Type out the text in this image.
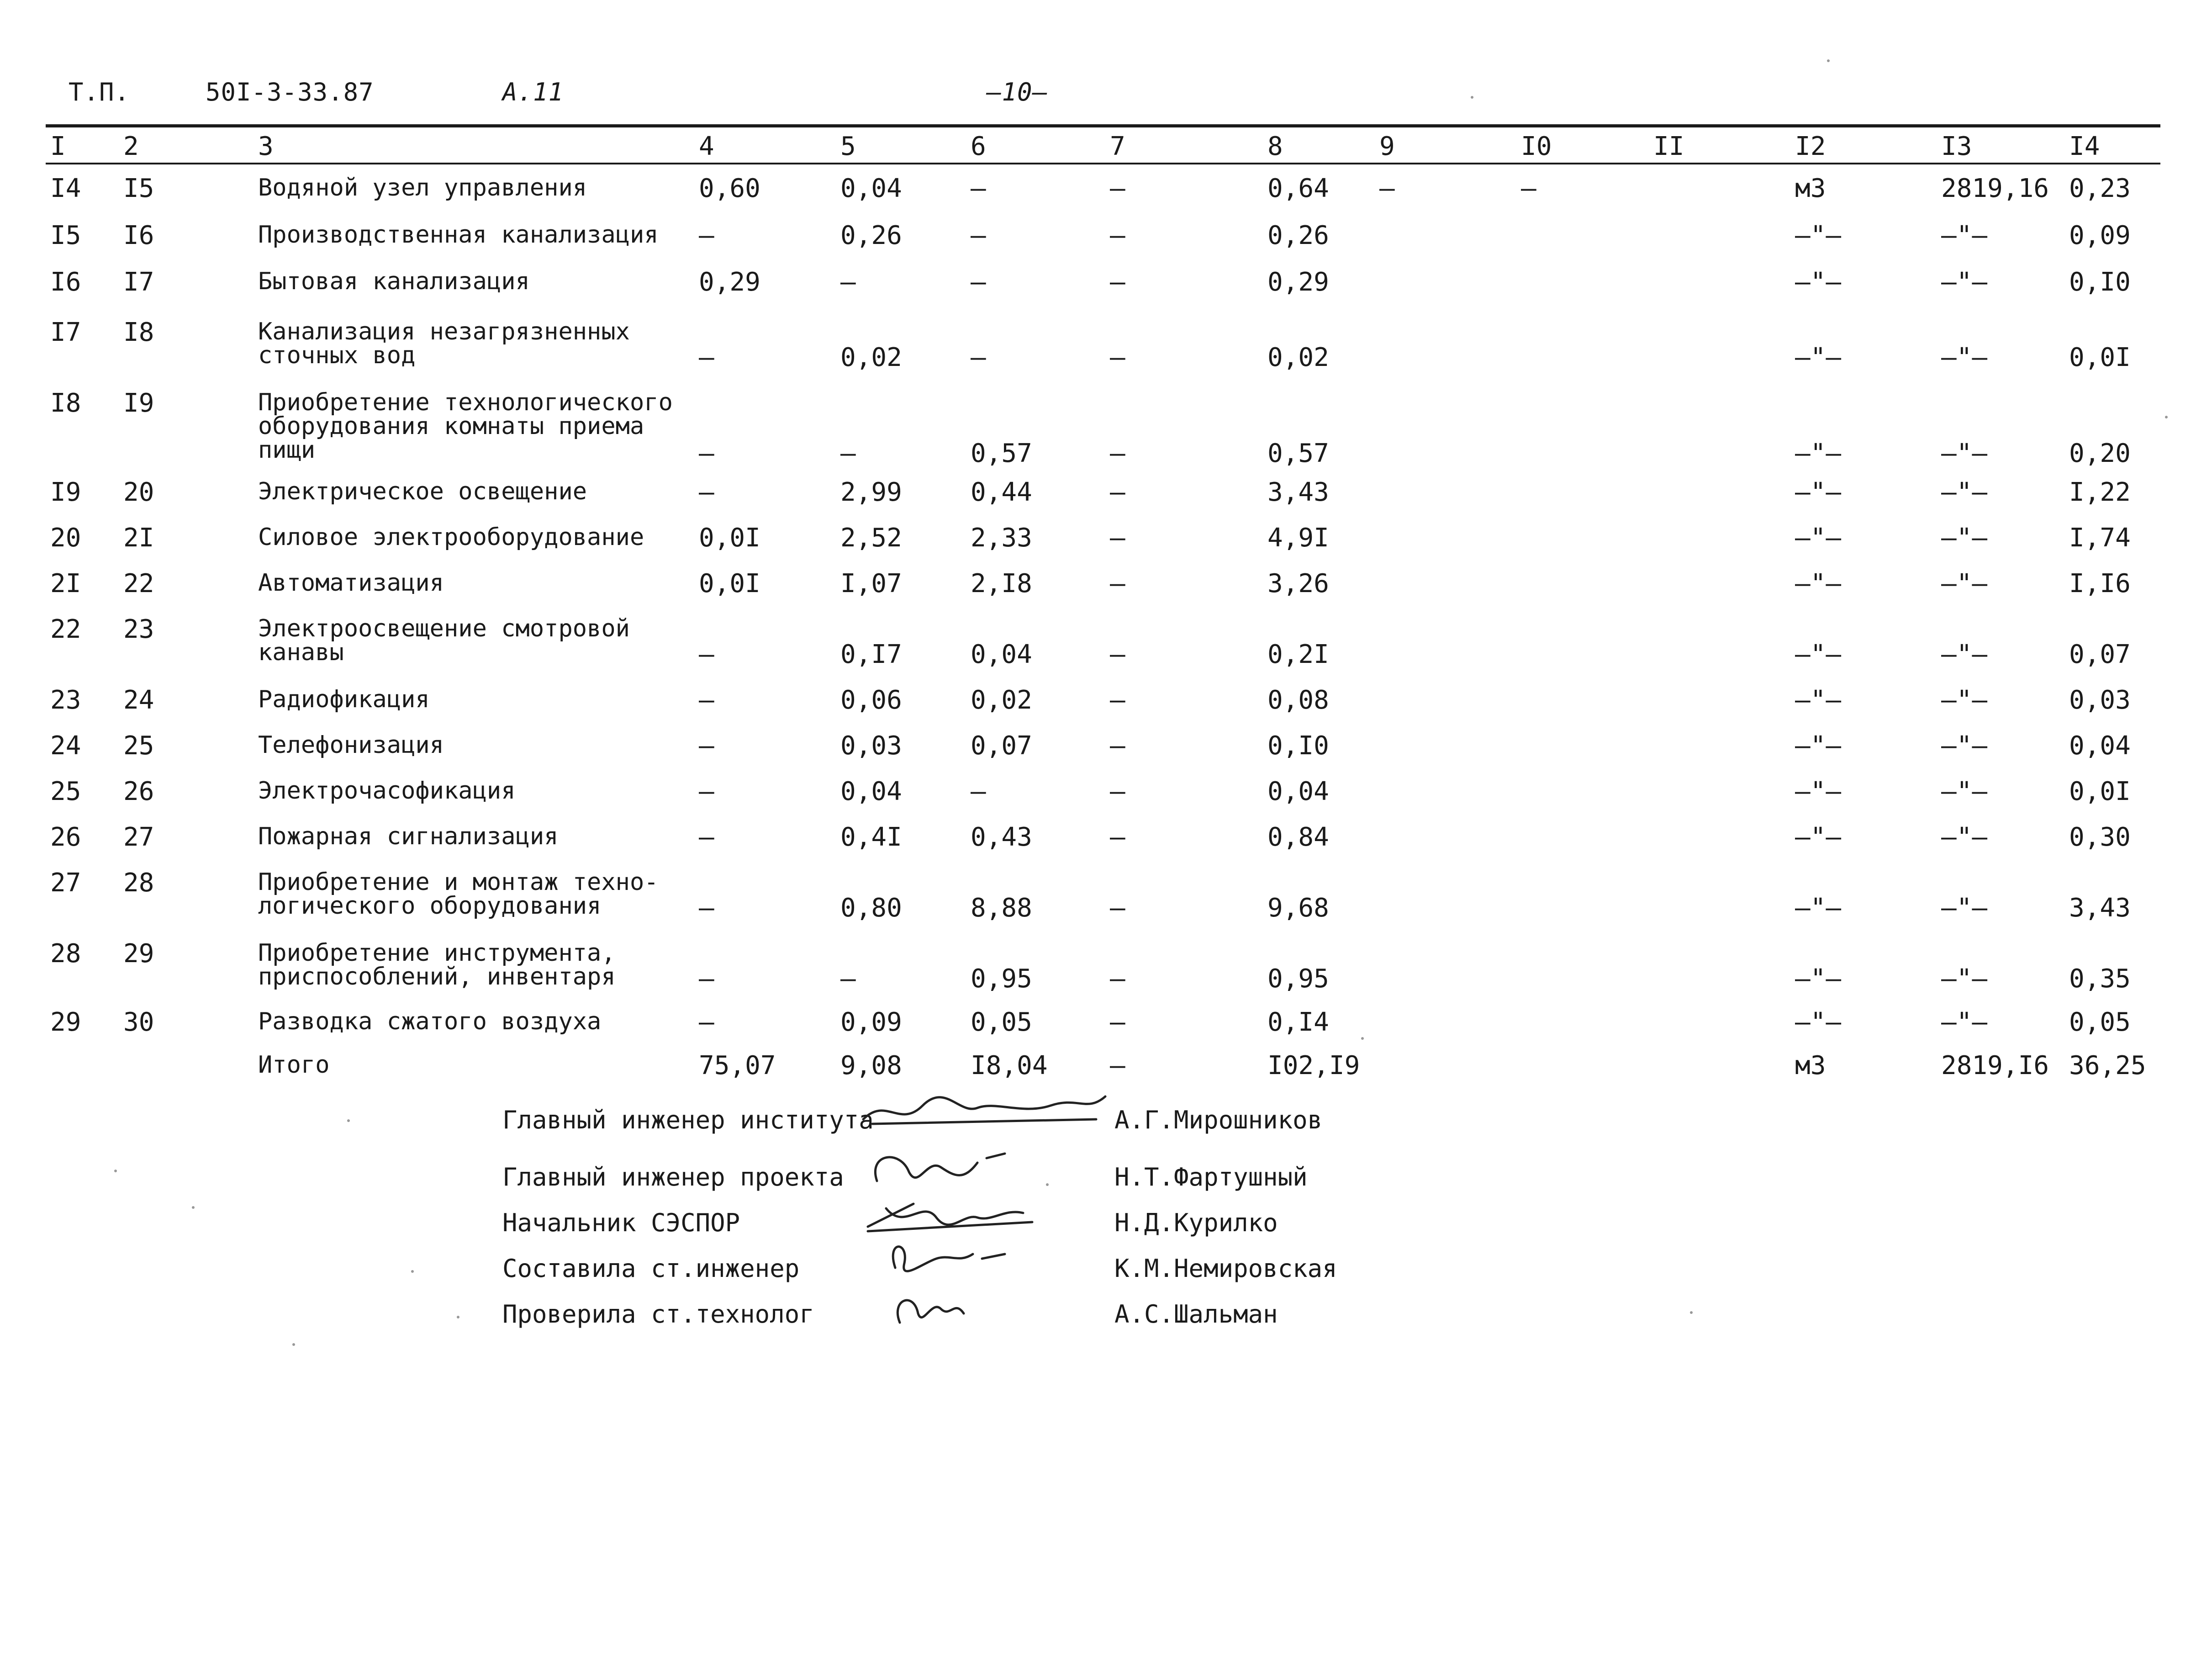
Т.П.	50I-3-33.87	А.11	–10–
I 2	3	4	5	6	7	8	9	I0	II	I2	I3	I4
I4 I5	Водяной узел управления	0,60	0,04	–	–	0,64	–	–	м3	2819,16 0,23
I5 I6	Производственная канализация	–	0,26	–	–	0,26	–"–	–"–	0,09
I6 I7	Бытовая канализация	0,29	–	–	–	0,29	–"–	–"–	0,I0
I7 I8	Канализация незагрязненных сточных вод	–	0,02	–	–	0,02	–"–	–"–	0,0I
I8 I9	Приобретение технологического оборудования комнаты приема пищи	–	–	0,57	–	0,57	–"–	–"–	0,20
I9 20	Электрическое освещение	–	2,99	0,44	–	3,43	–"–	–"–	I,22
20 2I	Силовое электрооборудование	0,0I	2,52	2,33	–	4,9I	–"–	–"–	I,74
2I 22	Автоматизация	0,0I	I,07	2,I8	–	3,26	–"–	–"–	I,I6
22 23	Электроосвещение смотровой канавы	–	0,I7	0,04	–	0,2I	–"–	–"–	0,07
23 24	Радиофикация	–	0,06	0,02	–	0,08	–"–	–"–	0,03
24 25	Телефонизация	–	0,03	0,07	–	0,I0	–"–	–"–	0,04
25 26	Электрочасофикация	–	0,04	–	–	0,04	–"–	–"–	0,0I
26 27	Пожарная сигнализация	–	0,4I	0,43	–	0,84	–"–	–"–	0,30
27 28	Приобретение и монтаж техно-логического оборудования	–	0,80	8,88	–	9,68	–"–	–"–	3,43
28 29	Приобретение инструмента, приспособлений, инвентаря	–	–	0,95	–	0,95	–"–	–"–	0,35
29 30	Разводка сжатого воздуха	–	0,09	0,05	–	0,I4	–"–	–"–	0,05
Итого	75,07	9,08	I8,04	–	I02,I9	м3	2819,I6 36,25
Главный инженер института	А.Г.Мирошников
Главный инженер проекта	Н.Т.Фартушный
Начальник СЭСПОР	Н.Д.Курилко
Составила ст.инженер	К.М.Немировская
Проверила ст.технолог	А.С.Шальман
